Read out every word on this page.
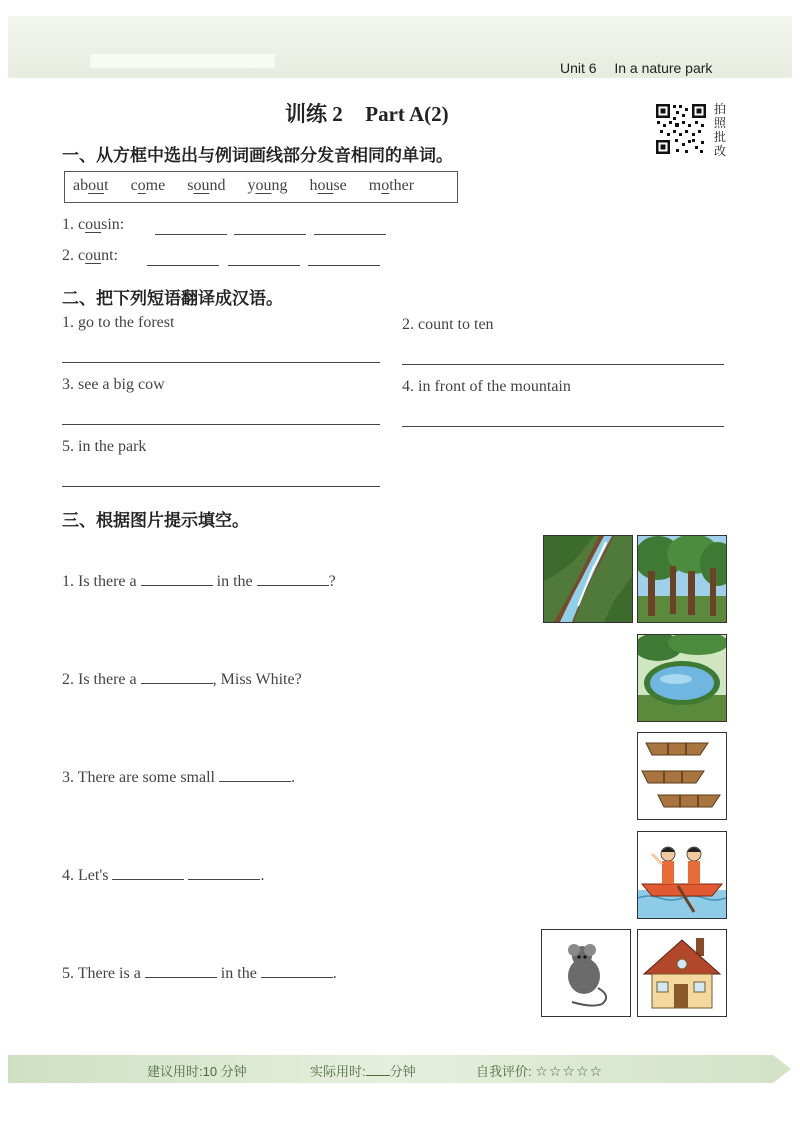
Unit 6 In a nature park
训练 2 Part A(2)	拍
照
批
改
一、从方框中选出与例词画线部分发音相同的单词。
about come sound young house mother
1. cousin:
2. count:
二、把下列短语翻译成汉语。
1. go to the forest	2. count to ten
3. see a big cow	4. in front of the mountain
5. in the park
三、根据图片提示填空。
1. Is there a	in the	?
2. Is there a	, Miss White?
3. There are some small	.
4. Let's	.
5. There is a	in the	.
建议用时:10 分钟	实际用时: 分钟	自我评价: ☆☆☆☆☆
